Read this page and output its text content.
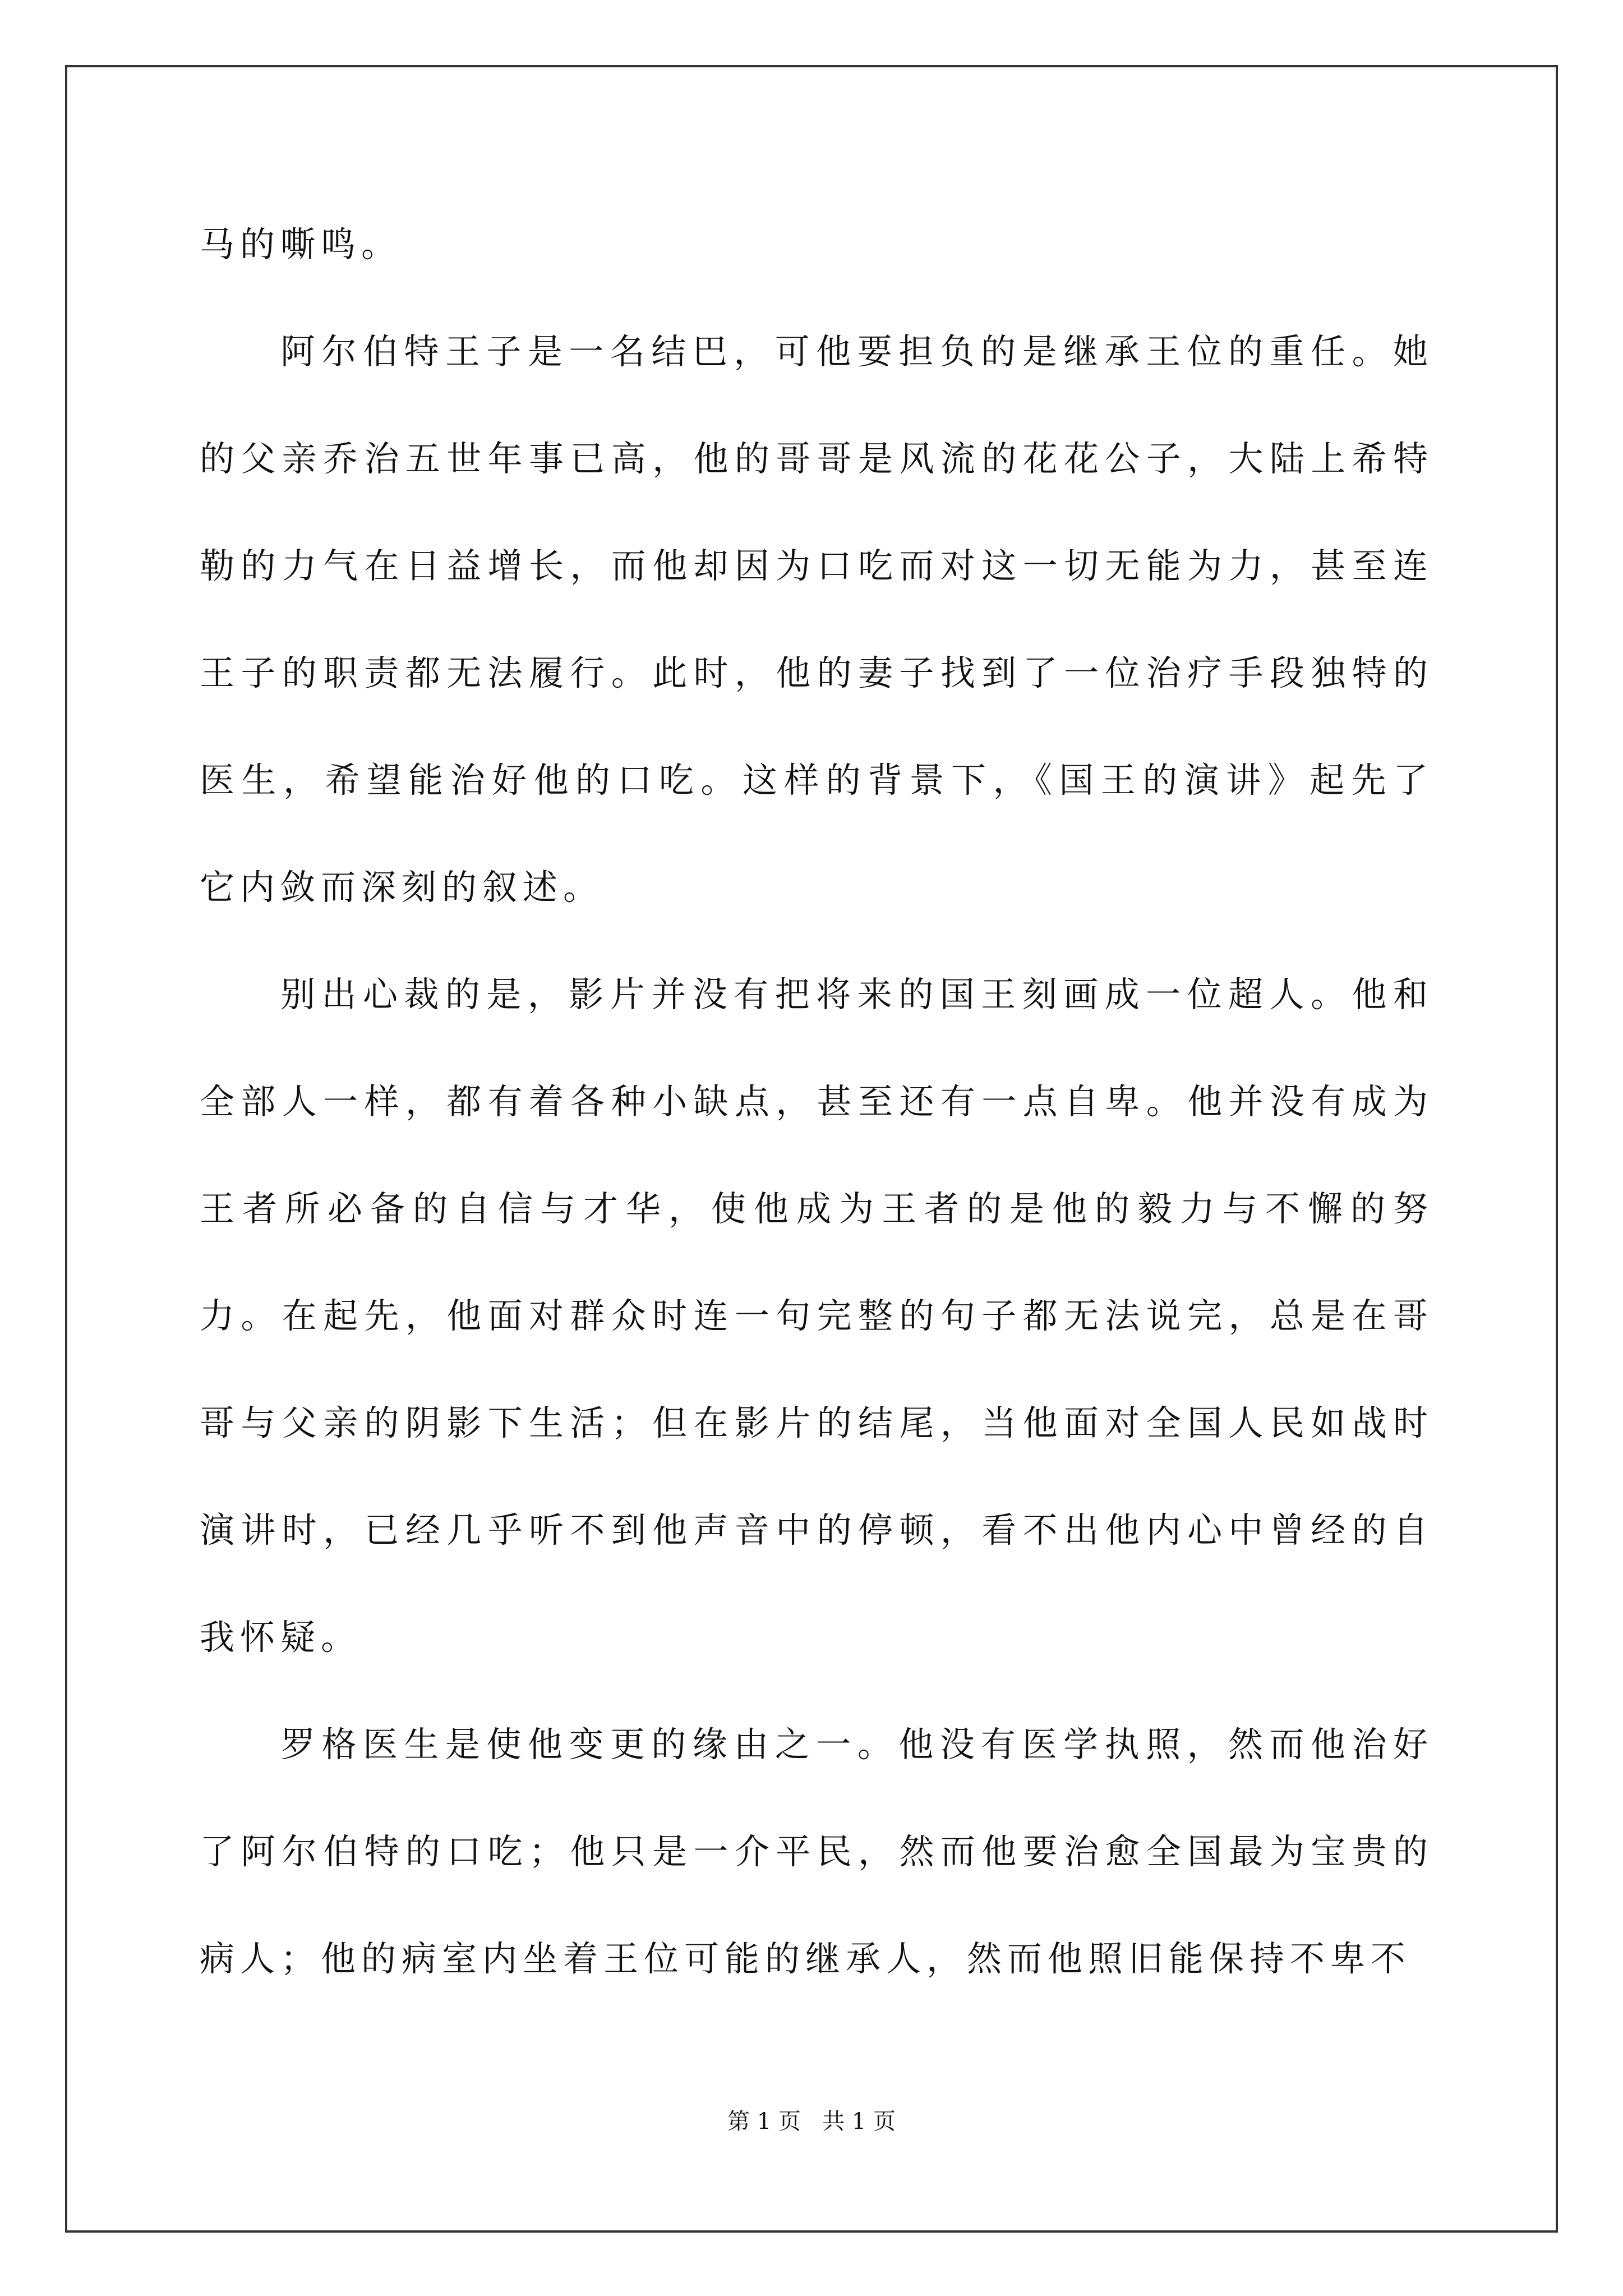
马的嘶鸣。

阿尔伯特王子是一名结巴，可他要担负的是继承王位的重任。她的父亲乔治五世年事已高，他的哥哥是风流的花花公子，大陆上希特勒的力气在日益增长，而他却因为口吃而对这一切无能为力，甚至连王子的职责都无法履行。此时，他的妻子找到了一位治疗手段独特的医生，希望能治好他的口吃。这样的背景下，《国王的演讲》起先了它内敛而深刻的叙述。

别出心裁的是，影片并没有把将来的国王刻画成一位超人。他和全部人一样，都有着各种小缺点，甚至还有一点自卑。他并没有成为王者所必备的自信与才华，使他成为王者的是他的毅力与不懈的努力。在起先，他面对群众时连一句完整的句子都无法说完，总是在哥哥与父亲的阴影下生活；但在影片的结尾，当他面对全国人民如战时演讲时，已经几乎听不到他声音中的停顿，看不出他内心中曾经的自我怀疑。

罗格医生是使他变更的缘由之一。他没有医学执照，然而他治好了阿尔伯特的口吃；他只是一介平民，然而他要治愈全国最为宝贵的病人；他的病室内坐着王位可能的继承人，然而他照旧能保持不卑不

第 1 页   共 1 页
